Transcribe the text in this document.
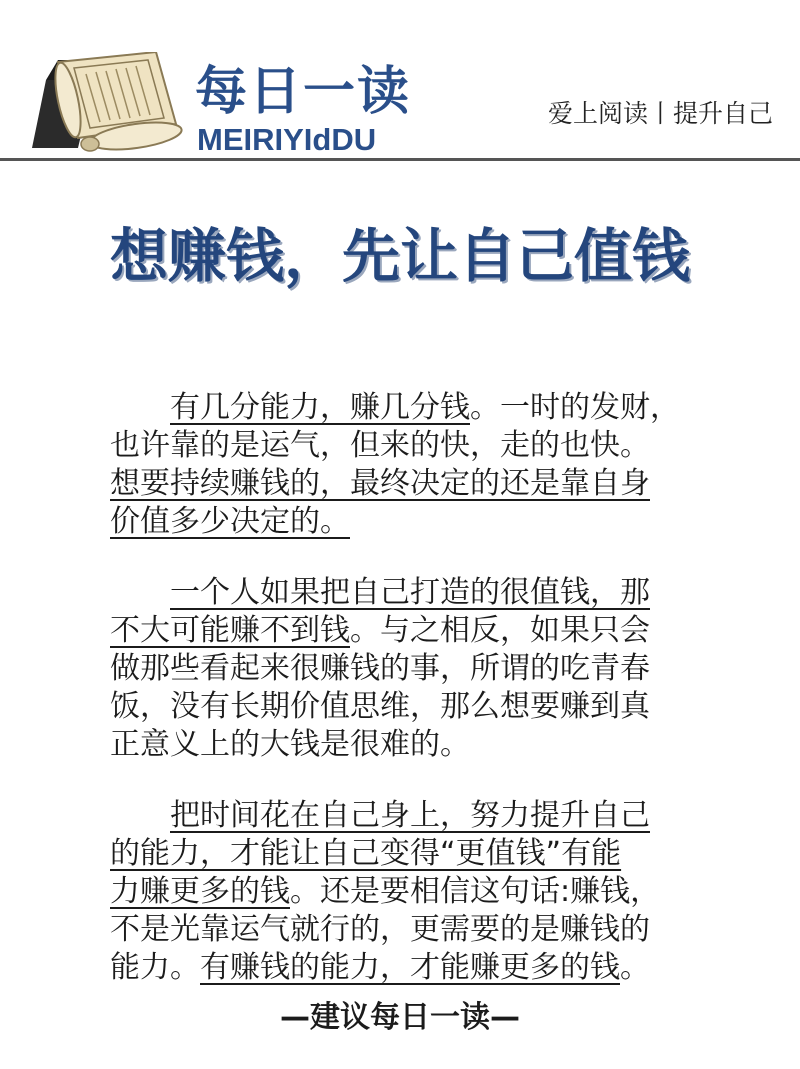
每日一读
MEIRIYIdDU
爱上阅读丨提升自己
想赚钱，先让自己值钱
有几分能力，赚几分钱。一时的发财，
也许靠的是运气，但来的快，走的也快。
想要持续赚钱的，最终决定的还是靠自身
价值多少决定的。
一个人如果把自己打造的很值钱，那
不大可能赚不到钱。与之相反，如果只会
做那些看起来很赚钱的事，所谓的吃青春
饭，没有长期价值思维，那么想要赚到真
正意义上的大钱是很难的。
把时间花在自己身上，努力提升自己
的能力，才能让自己变得“更值钱”有能
力赚更多的钱。还是要相信这句话:赚钱，
不是光靠运气就行的，更需要的是赚钱的
能力。有赚钱的能力，才能赚更多的钱。
—建议每日一读—
